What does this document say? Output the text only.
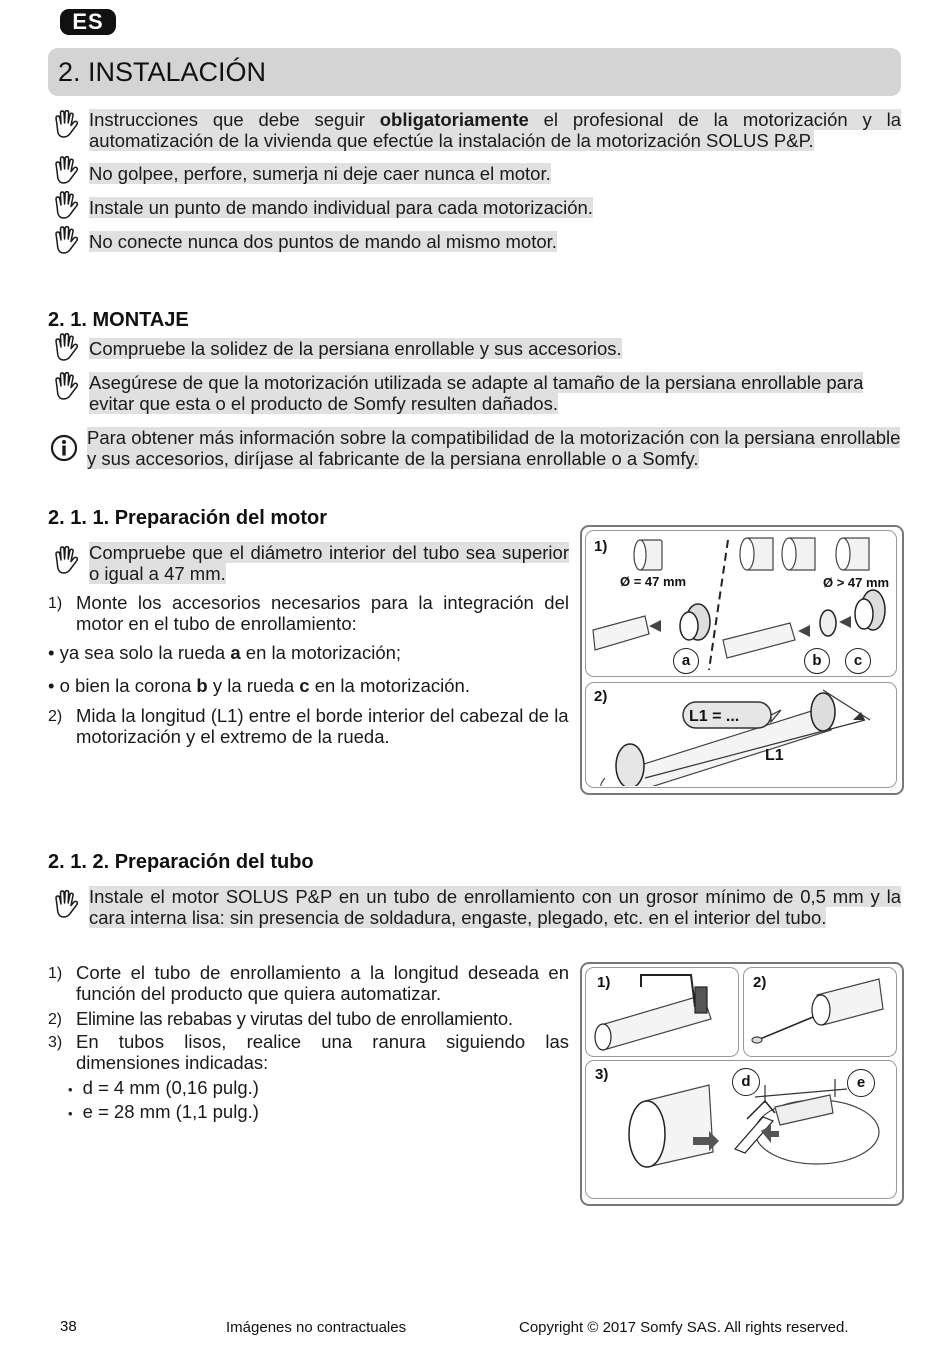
ES
2. INSTALACIÓN
Instrucciones que debe seguir obligatoriamente el profesional de la motorización y la automatización de la vivienda que efectúe la instalación de la motorización SOLUS P&P.
No golpee, perfore, sumerja ni deje caer nunca el motor.
Instale un punto de mando individual para cada motorización.
No conecte nunca dos puntos de mando al mismo motor.
2. 1. MONTAJE
Compruebe la solidez de la persiana enrollable y sus accesorios.
Asegúrese de que la motorización utilizada se adapte al tamaño de la persiana enrollable para evitar que esta o el producto de Somfy resulten dañados.
Para obtener más información sobre la compatibilidad de la motorización con la persiana enrollable y sus accesorios, diríjase al fabricante de la persiana enrollable o a Somfy.
2. 1. 1. Preparación del motor
Compruebe que el diámetro interior del tubo sea superior o igual a 47 mm.
1) Monte los accesorios necesarios para la integración del motor en el tubo de enrollamiento:
• ya sea solo la rueda a en la motorización;
• o bien la corona b y la rueda c en la motorización.
2) Mida la longitud (L1) entre el borde interior del cabezal de la motorización y el extremo de la rueda.
1)
2)
Ø = 47 mm	Ø > 47 mm
a	b	c
L1 = ...
L1
2. 1. 2. Preparación del tubo
Instale el motor SOLUS P&P en un tubo de enrollamiento con un grosor mínimo de 0,5 mm y la cara interna lisa: sin presencia de soldadura, engaste, plegado, etc. en el interior del tubo.
1) Corte el tubo de enrollamiento a la longitud deseada en función del producto que quiera automatizar.
2) Elimine las rebabas y virutas del tubo de enrollamiento.
3) En tubos lisos, realice una ranura siguiendo las dimensiones indicadas:
• d = 4 mm (0,16 pulg.)
• e = 28 mm (1,1 pulg.)
1)	2)
3)	d	e
38	Imágenes no contractuales	Copyright © 2017 Somfy SAS. All rights reserved.
